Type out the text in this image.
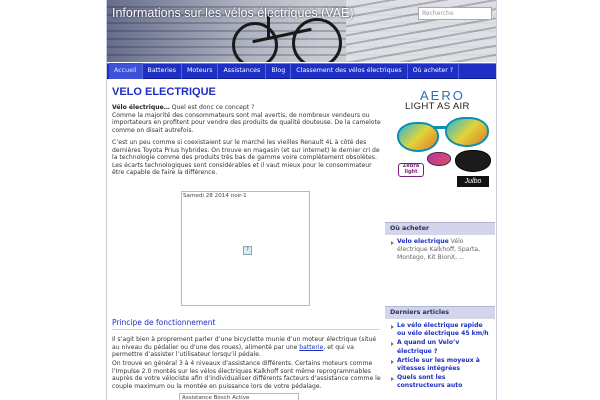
Informations sur les vélos électriques (VAE)	Recherche
Accueil	Batteries	Moteurs	Assistances	Blog	Classement des vélos électriques	Où acheter ?
VELO ELECTRIQUE
Vélo électrique… Quel est donc ce concept ?
Comme la majorité des consommateurs sont mal avertis, de nombreux vendeurs ou importateurs en profitent pour vendre des produits de qualité douteuse. De la camelote comme on disait autrefois.
C’est un peu comme si coexistaient sur le marché les vieilles Renault 4L à côté des dernières Toyota Prius hybrides. On trouve en magasin (et sur internet) le dernier cri de la technologie comme des produits très bas de gamme voire complètement obsolètes. Les écarts technologiques sont considérables et il vaut mieux pour le consommateur être capable de faire la différence.
Samedi 28 2014 noir-1
?
Principe de fonctionnement
Il s’agit bien à proprement parler d’une bicyclette munie d’un moteur électrique (situé au niveau du pédalier ou d’une des roues), alimenté par une batterie, et qui va permettre d’assister l’utilisateur lorsqu’il pédale.
On trouve en général 3 à 4 niveaux d’assistance différents. Certains moteurs comme l’Impulse 2.0 montés sur les vélos électriques Kalkhoff sont même reprogrammables auprès de votre vélociste afin d’individualiser différents facteurs d’assistance comme le couple maximum ou la montée en puissance lors de votre pédalage.
Assistance Bosch Active
AERO
LIGHT AS AIR
Zebra
light
Julbo
Où acheter
Velo electrique Vélo électrique Kalkhoff, Sparta, Montego, Kit BionX, ...
Derniers articles
Le vélo électrique rapide ou vélo électrique 45 km/h
A quand un Velo’v électrique ?
Article sur les moyeux à vitesses intégrées
Quels sont les constructeurs auto
